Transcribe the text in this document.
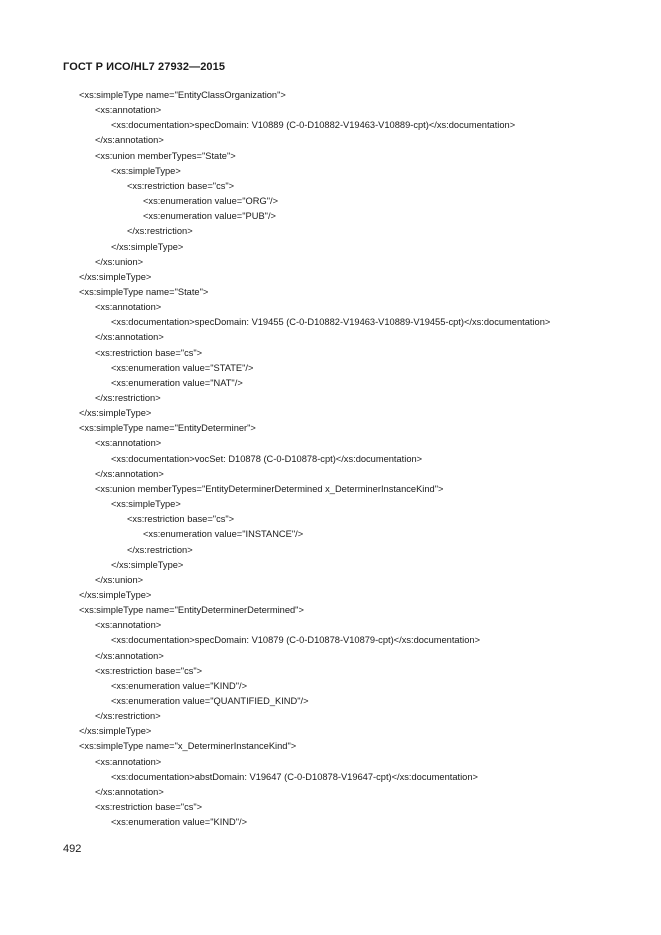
ГОСТ Р ИСО/HL7 27932—2015
<xs:simpleType name="EntityClassOrganization">
<xs:annotation>
<xs:documentation>specDomain: V10889 (C-0-D10882-V19463-V10889-cpt)</xs:documentation>
</xs:annotation>
<xs:union memberTypes="State">
<xs:simpleType>
<xs:restriction base="cs">
<xs:enumeration value="ORG"/>
<xs:enumeration value="PUB"/>
</xs:restriction>
</xs:simpleType>
</xs:union>
</xs:simpleType>
<xs:simpleType name="State">
<xs:annotation>
<xs:documentation>specDomain: V19455 (C-0-D10882-V19463-V10889-V19455-cpt)</xs:documentation>
</xs:annotation>
<xs:restriction base="cs">
<xs:enumeration value="STATE"/>
<xs:enumeration value="NAT"/>
</xs:restriction>
</xs:simpleType>
<xs:simpleType name="EntityDeterminer">
<xs:annotation>
<xs:documentation>vocSet: D10878 (C-0-D10878-cpt)</xs:documentation>
</xs:annotation>
<xs:union memberTypes="EntityDeterminerDetermined x_DeterminerInstanceKind">
<xs:simpleType>
<xs:restriction base="cs">
<xs:enumeration value="INSTANCE"/>
</xs:restriction>
</xs:simpleType>
</xs:union>
</xs:simpleType>
<xs:simpleType name="EntityDeterminerDetermined">
<xs:annotation>
<xs:documentation>specDomain: V10879 (C-0-D10878-V10879-cpt)</xs:documentation>
</xs:annotation>
<xs:restriction base="cs">
<xs:enumeration value="KIND"/>
<xs:enumeration value="QUANTIFIED_KIND"/>
</xs:restriction>
</xs:simpleType>
<xs:simpleType name="x_DeterminerInstanceKind">
<xs:annotation>
<xs:documentation>abstDomain: V19647 (C-0-D10878-V19647-cpt)</xs:documentation>
</xs:annotation>
<xs:restriction base="cs">
<xs:enumeration value="KIND"/>
492
